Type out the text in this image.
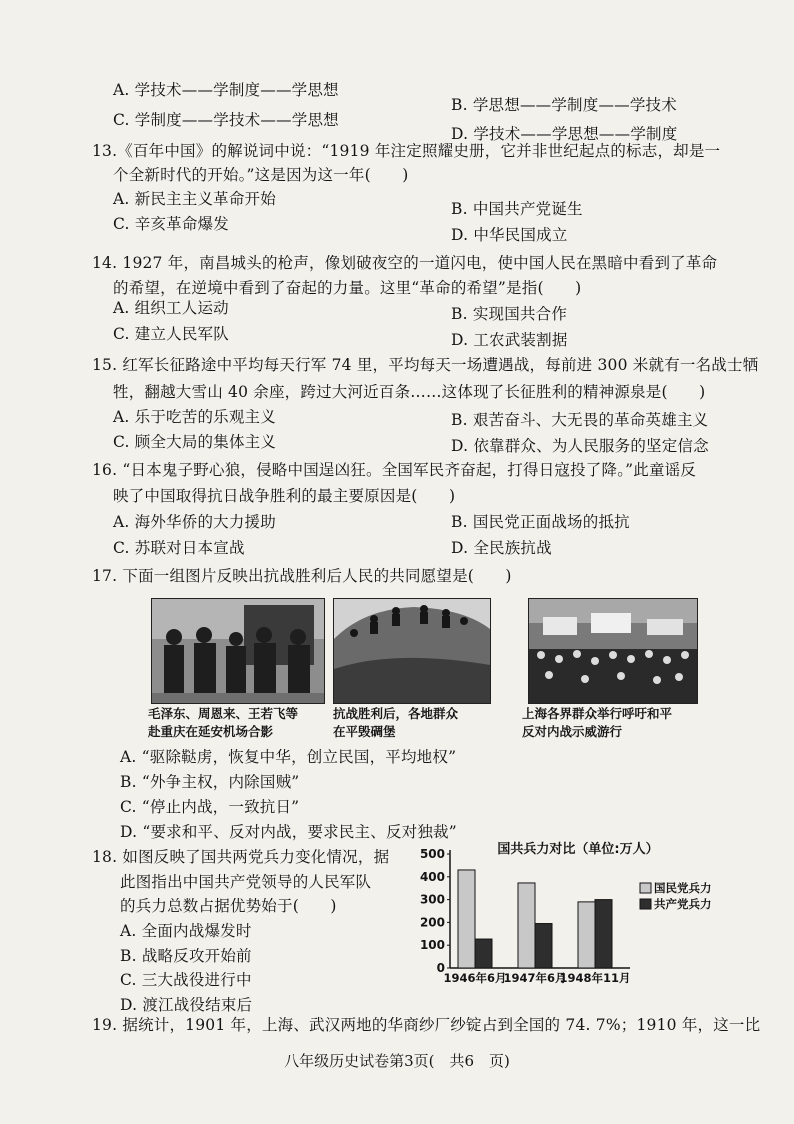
A. 学技术——学制度——学思想
B. 学思想——学制度——学技术
C. 学制度——学技术——学思想
D. 学技术——学思想——学制度
13.《百年中国》的解说词中说：“1919 年注定照耀史册，它并非世纪起点的标志，却是一
个全新时代的开始。”这是因为这一年(　　)
A. 新民主主义革命开始
B. 中国共产党诞生
C. 辛亥革命爆发
D. 中华民国成立
14. 1927 年，南昌城头的枪声，像划破夜空的一道闪电，使中国人民在黑暗中看到了革命
的希望，在逆境中看到了奋起的力量。这里“革命的希望”是指(　　)
A. 组织工人运动	B. 实现国共合作
C. 建立人民军队	D. 工农武装割据
15. 红军长征路途中平均每天行军 74 里，平均每天一场遭遇战，每前进 300 米就有一名战士牺
牲，翻越大雪山 40 余座，跨过大河近百条……这体现了长征胜利的精神源泉是(　　)
A. 乐于吃苦的乐观主义	B. 艰苦奋斗、大无畏的革命英雄主义
C. 顾全大局的集体主义	D. 依靠群众、为人民服务的坚定信念
16. “日本鬼子野心狼，侵略中国逞凶狂。全国军民齐奋起，打得日寇投了降。”此童谣反
映了中国取得抗日战争胜利的最主要原因是(　　)
A. 海外华侨的大力援助	B. 国民党正面战场的抵抗
C. 苏联对日本宣战	D. 全民族抗战
17. 下面一组图片反映出抗战胜利后人民的共同愿望是(　　)
毛泽东、周恩来、王若飞等
赴重庆在延安机场合影
抗战胜利后，各地群众
在平毁碉堡
上海各界群众举行呼吁和平
反对内战示威游行
A. “驱除鞑虏，恢复中华，创立民国，平均地权”
B. “外争主权，内除国贼”
C. “停止内战，一致抗日”
D. “要求和平、反对内战，要求民主、反对独裁”
18. 如图反映了国共两党兵力变化情况，据
此图指出中国共产党领导的人民军队
的兵力总数占据优势始于(　　)
A. 全面内战爆发时
B. 战略反攻开始前
C. 三大战役进行中
D. 渡江战役结束后
国共兵力对比（单位:万人）
0
100
200
300
400
500
1946年6月
1947年6月
1948年11月
国民党兵力
共产党兵力
19. 据统计，1901 年，上海、武汉两地的华商纱厂纱锭占到全国的 74. 7%；1910 年，这一比
八年级历史试卷第3页(　共6　页)
